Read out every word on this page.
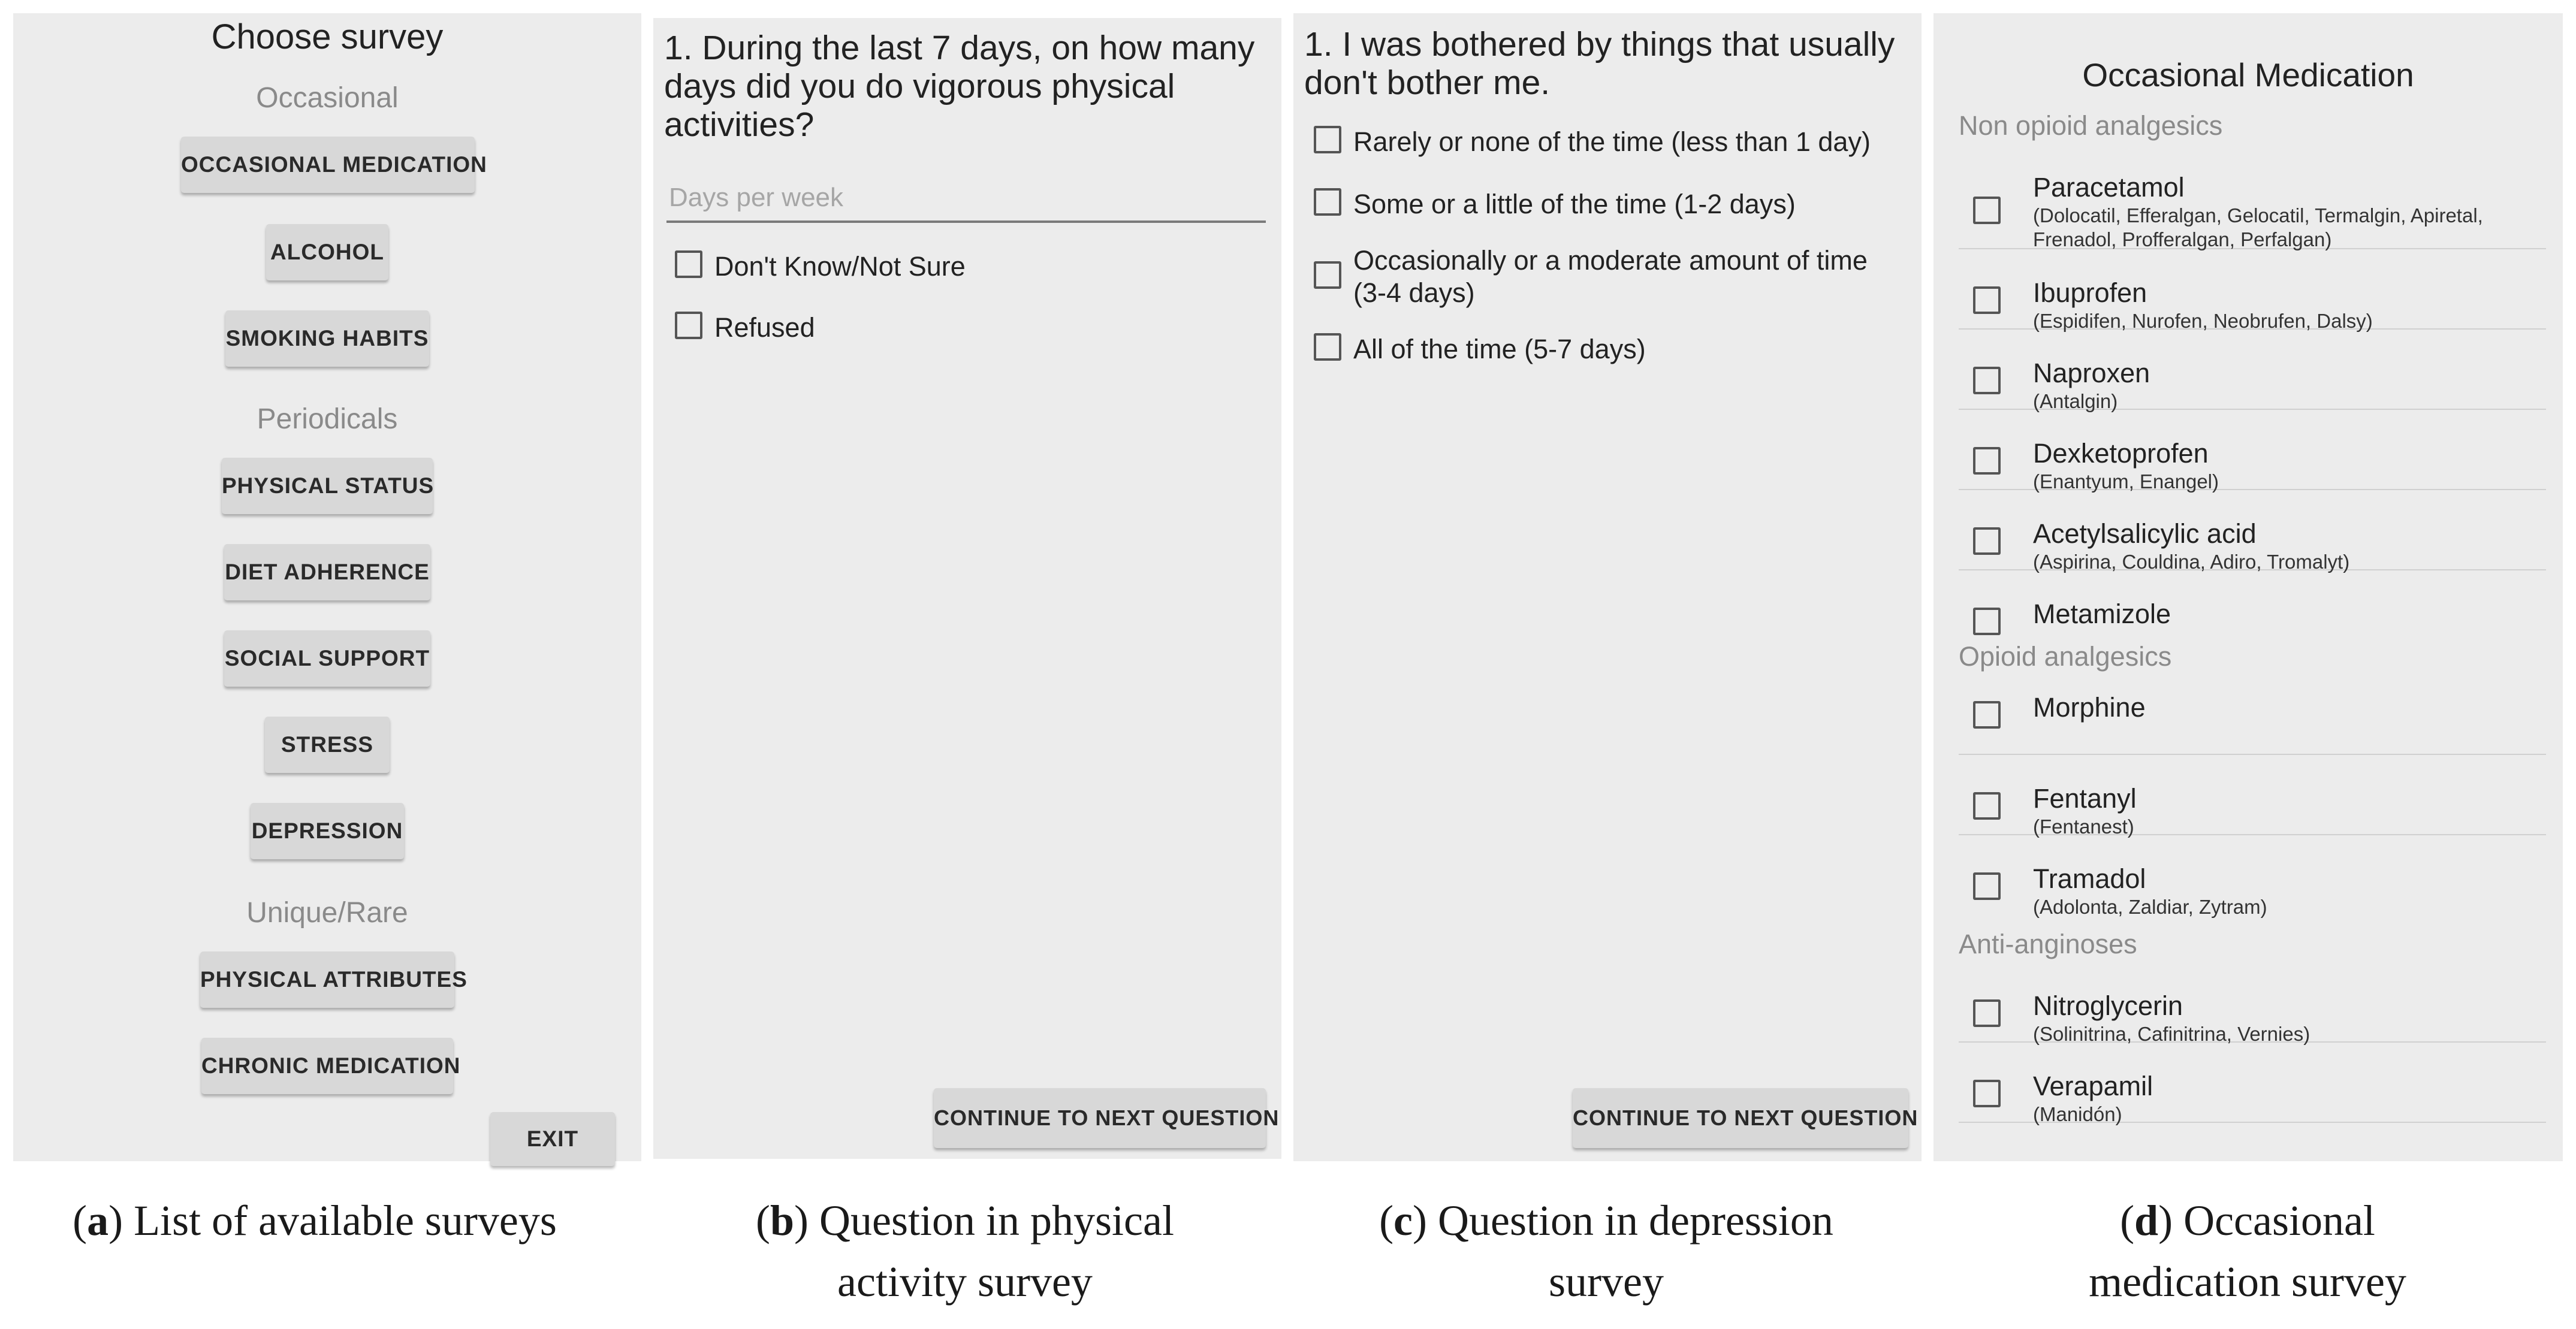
Choose survey
Occasional
OCCASIONAL MEDICATION
ALCOHOL
SMOKING HABITS
Periodicals
PHYSICAL STATUS
DIET ADHERENCE
SOCIAL SUPPORT
STRESS
DEPRESSION
Unique/Rare
PHYSICAL ATTRIBUTES
CHRONIC MEDICATION
EXIT
1. During the last 7 days, on how many days did you do vigorous physical activities?
Days per week
Don't Know/Not Sure
Refused
CONTINUE TO NEXT QUESTION
1. I was bothered by things that usually don't bother me.
Rarely or none of the time (less than 1 day)
Some or a little of the time (1-2 days)
Occasionally or a moderate amount of time (3-4 days)
All of the time (5-7 days)
CONTINUE TO NEXT QUESTION
Occasional Medication
Non opioid analgesics
Paracetamol
(Dolocatil, Efferalgan, Gelocatil, Termalgin, Apiretal, Frenadol, Profferalgan, Perfalgan)
Ibuprofen
(Espidifen, Nurofen, Neobrufen, Dalsy)
Naproxen
(Antalgin)
Dexketoprofen
(Enantyum, Enangel)
Acetylsalicylic acid
(Aspirina, Couldina, Adiro, Tromalyt)
Metamizole
Opioid analgesics
Morphine
Fentanyl
(Fentanest)
Tramadol
(Adolonta, Zaldiar, Zytram)
Anti-anginoses
Nitroglycerin
(Solinitrina, Cafinitrina, Vernies)
Verapamil
(Manidón)
(a) List of available surveys	(b) Question in physical activity survey
(c) Question in depression survey
(d) Occasional medication survey
